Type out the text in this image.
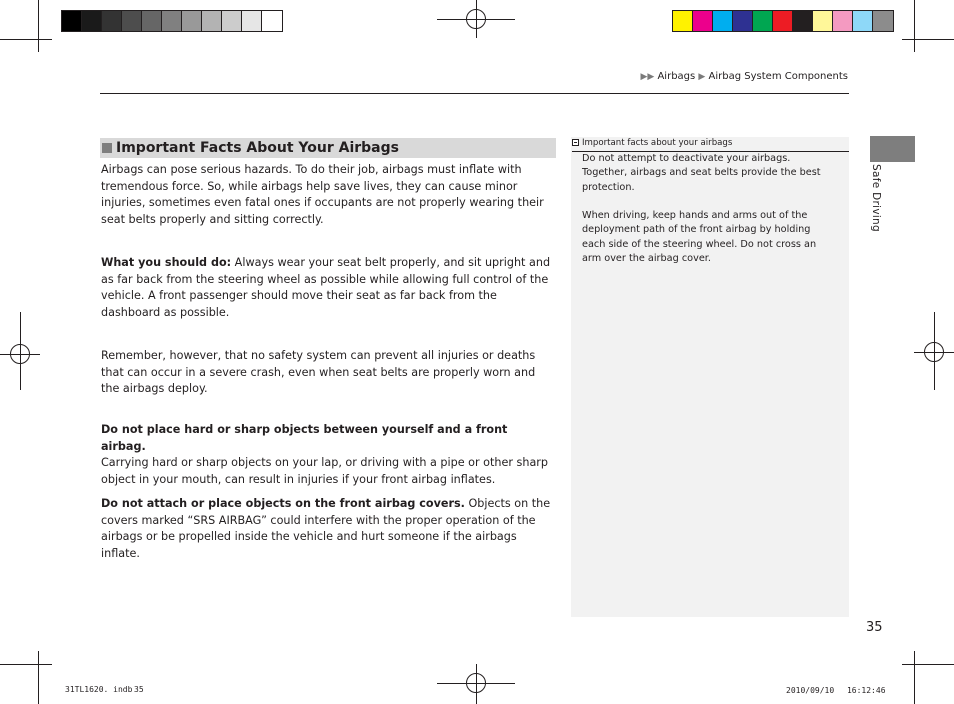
▶▶ Airbags ▶ Airbag System Components
Safe Driving
Important Facts About Your Airbags
Airbags can pose serious hazards. To do their job, airbags must inflate with tremendous force. So, while airbags help save lives, they can cause minor injuries, sometimes even fatal ones if occupants are not properly wearing their seat belts properly and sitting correctly.
What you should do: Always wear your seat belt properly, and sit upright and as far back from the steering wheel as possible while allowing full control of the vehicle. A front passenger should move their seat as far back from the dashboard as possible.
Remember, however, that no safety system can prevent all injuries or deaths that can occur in a severe crash, even when seat belts are properly worn and the airbags deploy.
Do not place hard or sharp objects between yourself and a front airbag.
Carrying hard or sharp objects on your lap, or driving with a pipe or other sharp object in your mouth, can result in injuries if your front airbag inflates.
Do not attach or place objects on the front airbag covers. Objects on the covers marked “SRS AIRBAG” could interfere with the proper operation of the airbags or be propelled inside the vehicle and hurt someone if the airbags inflate.
Important facts about your airbags
Do not attempt to deactivate your airbags. Together, airbags and seat belts provide the best protection.
When driving, keep hands and arms out of the deployment path of the front airbag by holding each side of the steering wheel. Do not cross an arm over the airbag cover.
35
31TL1620. indb 35	2010/09/10　 16:12:46
